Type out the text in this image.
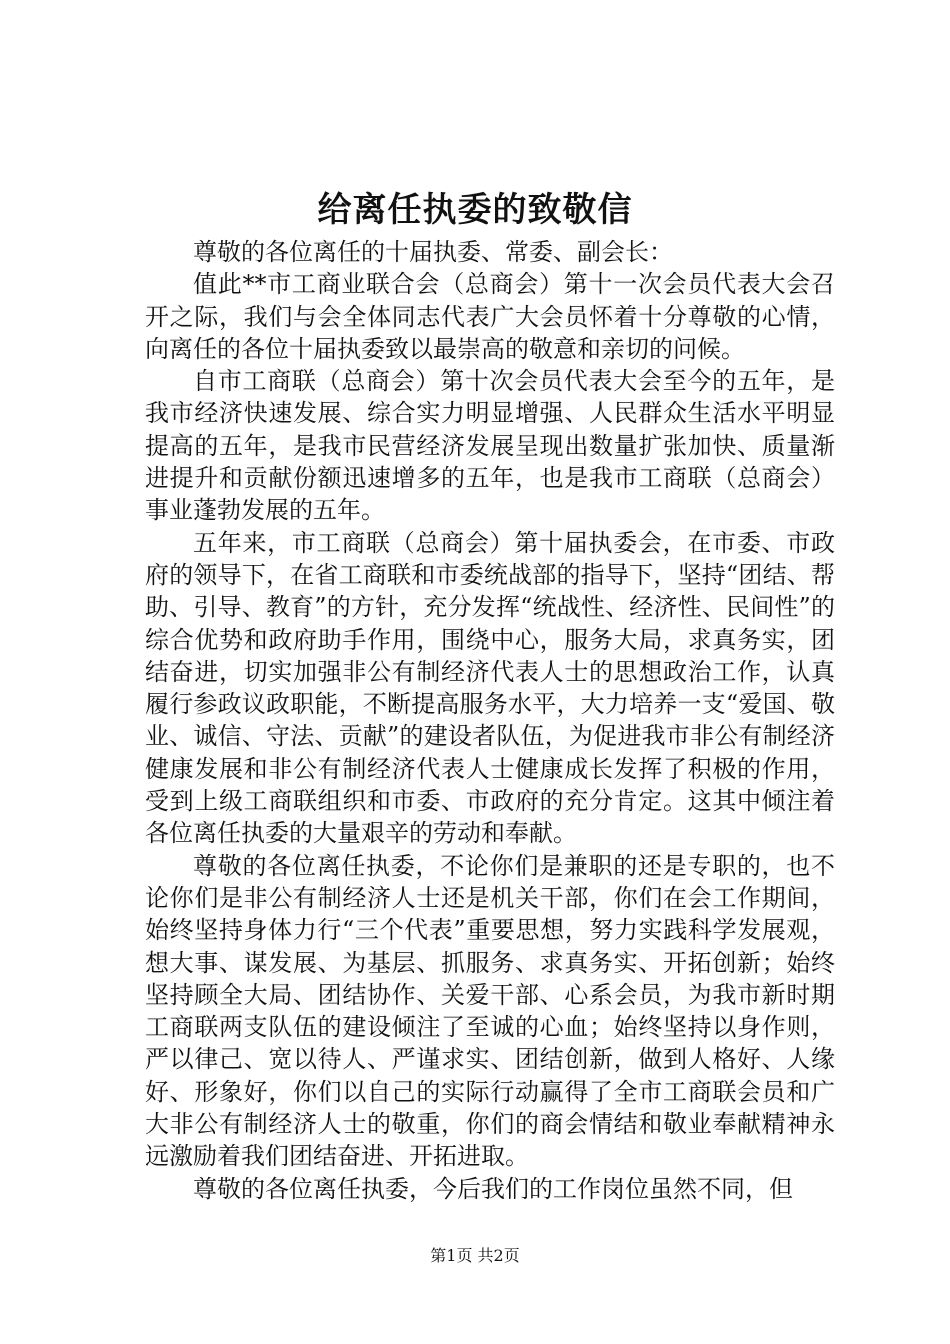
给离任执委的致敬信

尊敬的各位离任的十届执委、常委、副会长：

值此**市工商业联合会（总商会）第十一次会员代表大会召开之际，我们与会全体同志代表广大会员怀着十分尊敬的心情，向离任的各位十届执委致以最崇高的敬意和亲切的问候。

自市工商联（总商会）第十次会员代表大会至今的五年，是我市经济快速发展、综合实力明显增强、人民群众生活水平明显提高的五年，是我市民营经济发展呈现出数量扩张加快、质量渐进提升和贡献份额迅速增多的五年，也是我市工商联（总商会）事业蓬勃发展的五年。

五年来，市工商联（总商会）第十届执委会，在市委、市政府的领导下，在省工商联和市委统战部的指导下，坚持“团结、帮助、引导、教育”的方针，充分发挥“统战性、经济性、民间性”的综合优势和政府助手作用，围绕中心，服务大局，求真务实，团结奋进，切实加强非公有制经济代表人士的思想政治工作，认真履行参政议政职能，不断提高服务水平，大力培养一支“爱国、敬业、诚信、守法、贡献”的建设者队伍，为促进我市非公有制经济健康发展和非公有制经济代表人士健康成长发挥了积极的作用，受到上级工商联组织和市委、市政府的充分肯定。这其中倾注着各位离任执委的大量艰辛的劳动和奉献。

尊敬的各位离任执委，不论你们是兼职的还是专职的，也不论你们是非公有制经济人士还是机关干部，你们在会工作期间，始终坚持身体力行“三个代表”重要思想，努力实践科学发展观，想大事、谋发展、为基层、抓服务、求真务实、开拓创新；始终坚持顾全大局、团结协作、关爱干部、心系会员，为我市新时期工商联两支队伍的建设倾注了至诚的心血；始终坚持以身作则，严以律己、宽以待人、严谨求实、团结创新，做到人格好、人缘好、形象好，你们以自己的实际行动赢得了全市工商联会员和广大非公有制经济人士的敬重，你们的商会情结和敬业奉献精神永远激励着我们团结奋进、开拓进取。

尊敬的各位离任执委，今后我们的工作岗位虽然不同，但

第1页 共2页
